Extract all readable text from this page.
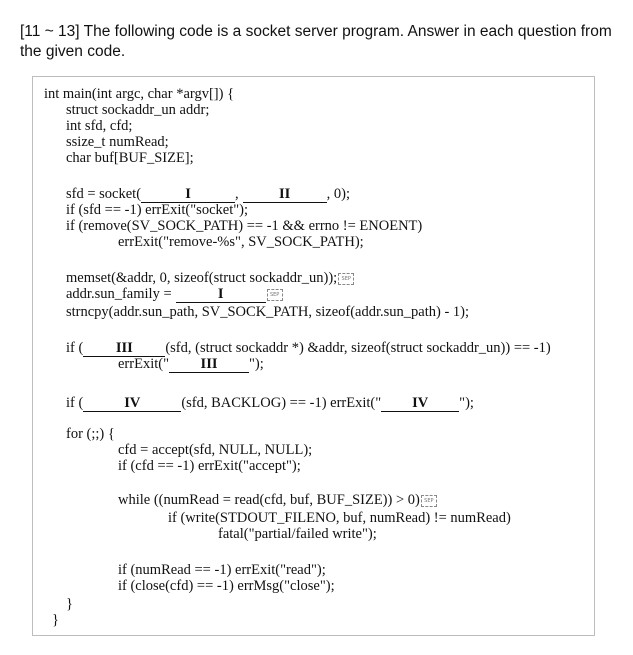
[11 ~ 13] The following code is a socket server program. Answer in each question from the given code.

int main(int argc, char *argv[]) {

struct sockaddr_un addr;

int sfd, cfd;

ssize_t numRead;

char buf[BUF_SIZE];

sfd = socket(	I	,	II	, 0);

if (sfd == -1) errExit("socket");

if (remove(SV_SOCK_PATH) == -1 && errno != ENOENT)

errExit("remove-%s", SV_SOCK_PATH);

memset(&addr, 0, sizeof(struct sockaddr_un)); SEP

addr.sun_family =	I	SEP

strncpy(addr.sun_path, SV_SOCK_PATH, sizeof(addr.sun_path) - 1);

if ( III (sfd, (struct sockaddr *) &addr, sizeof(struct sockaddr_un)) == -1)

errExit(" III ");

if (	IV	(sfd, BACKLOG) == -1) errExit(" IV ");

for (;;) {

cfd = accept(sfd, NULL, NULL);

if (cfd == -1) errExit("accept");

while ((numRead = read(cfd, buf, BUF_SIZE)) > 0) SEP

if (write(STDOUT_FILENO, buf, numRead) != numRead)

fatal("partial/failed write");

if (numRead == -1) errExit("read");

if (close(cfd) == -1) errMsg("close");

}

}
